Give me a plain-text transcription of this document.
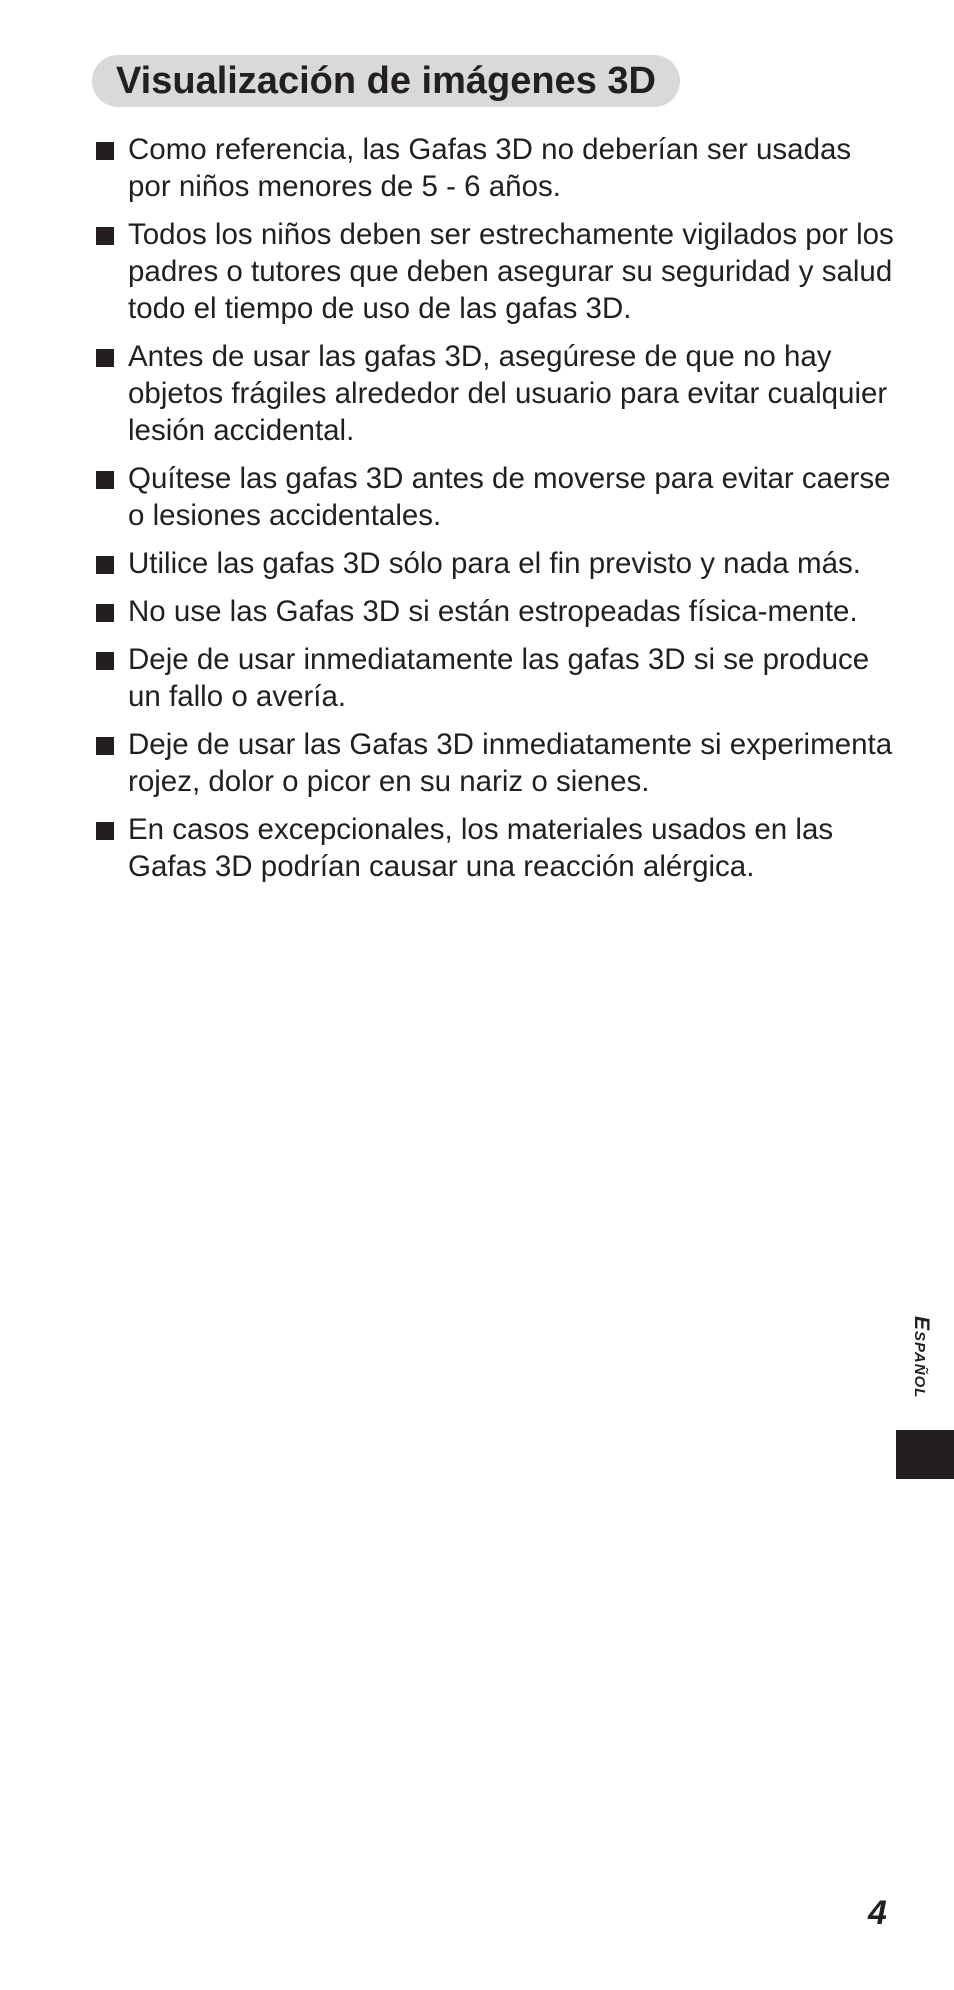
Visualización de imágenes 3D
Como referencia, las Gafas 3D no deberían ser usadas por niños menores de 5 - 6 años.
Todos los niños deben ser estrechamente vigilados por los padres o tutores que deben asegurar su seguridad y salud todo el tiempo de uso de las gafas 3D.
Antes de usar las gafas 3D, asegúrese de que no hay objetos frágiles alrededor del usuario para evitar cualquier lesión accidental.
Quítese las gafas 3D antes de moverse para evitar caerse o lesiones accidentales.
Utilice las gafas 3D sólo para el fin previsto y nada más.
No use las Gafas 3D si están estropeadas física-mente.
Deje de usar inmediatamente las gafas 3D si se produce un fallo o avería.
Deje de usar las Gafas 3D inmediatamente si experimenta rojez, dolor o picor en su nariz o sienes.
En casos excepcionales, los materiales usados en las Gafas 3D podrían causar una reacción alérgica.
Español
4
